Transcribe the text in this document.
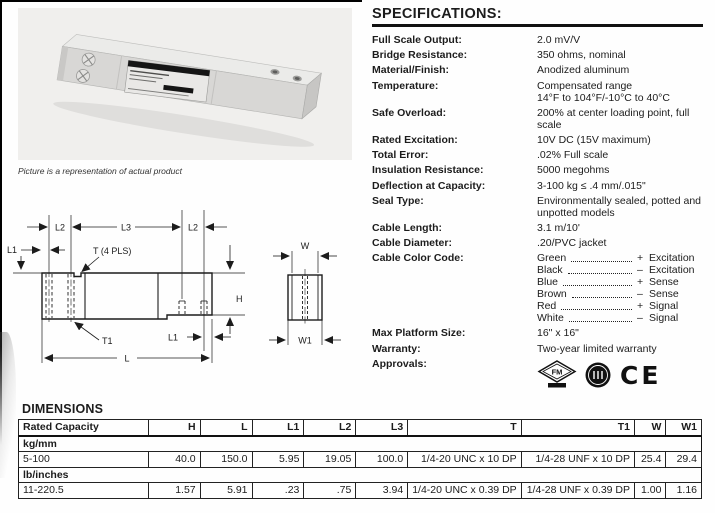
Picture is a representation of actual product
L1
L2	L3	L2
T (4 PLS)
H
T1	L1
L
W
W1
SPECIFICATIONS:
Full Scale Output:	2.0 mV/V
Bridge Resistance:	350 ohms, nominal
Material/Finish:	Anodized aluminum
Temperature:	Compensated range
14°F to 104°F/-10°C to 40°C
Safe Overload:	200% at center loading point, full
scale
Rated Excitation:	10V DC (15V maximum)
Total Error:	.02% Full scale
Insulation Resistance:	5000 megohms
Deflection at Capacity:	3-100 kg ≤ .4 mm/.015"
Seal Type:	Environmentally sealed, potted and
unpotted models
Cable Length:	3.1 m/10'
Cable Diameter:	.20/PVC jacket
Cable Color Code:	Green	+ Excitation
Black	– Excitation
Blue	+ Sense
Brown	– Sense
Red	+ Signal
White	– Signal
Max Platform Size:	16" x 16"
Warranty:	Two-year limited warranty
Approvals:
FM CE
DIMENSIONS
Rated Capacity	H	L	L1	L2	L3	T	T1	W	W1
kg/mm									
5-100	40.0	150.0	5.95	19.05	100.0	1/4-20 UNC x 10 DP	1/4-28 UNF x 10 DP	25.4	29.4
lb/inches									
11-220.5	1.57	5.91	.23	.75	3.94	1/4-20 UNC x 0.39 DP	1/4-28 UNF x 0.39 DP	1.00	1.16
